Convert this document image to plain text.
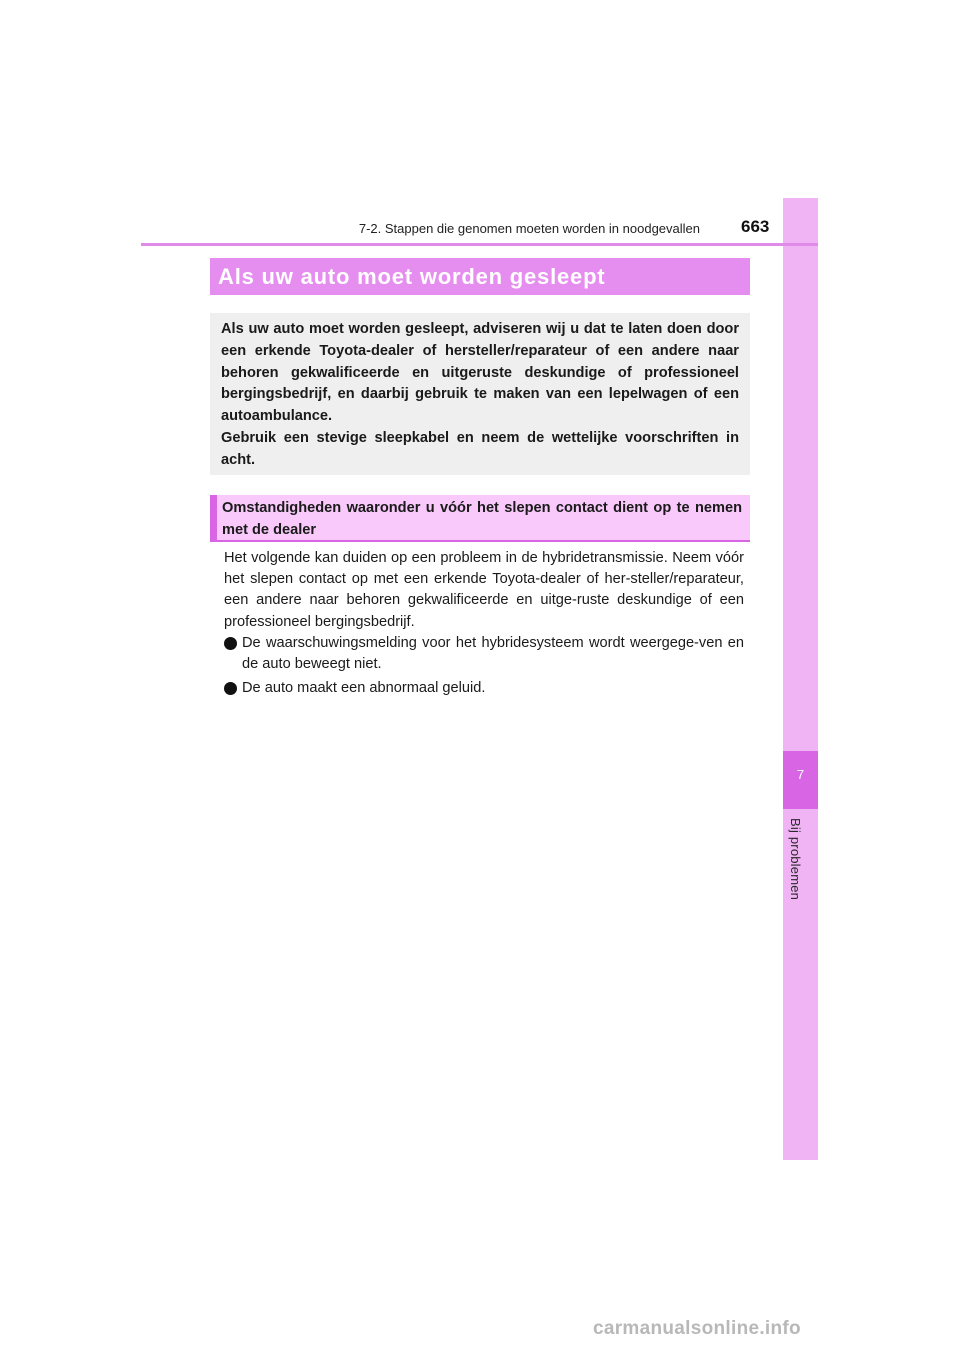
7
Bij problemen
7-2. Stappen die genomen moeten worden in noodgevallen 663
Als uw auto moet worden gesleept

Als uw auto moet worden gesleept, adviseren wij u dat te laten doen door een erkende Toyota-dealer of hersteller/reparateur of een andere naar behoren gekwalificeerde en uitgeruste deskundige of professioneel bergingsbedrijf, en daarbij gebruik te maken van een lepelwagen of een autoambulance.

Gebruik een stevige sleepkabel en neem de wettelijke voorschriften in acht.

Omstandigheden waaronder u vóór het slepen contact dient op te nemen met de dealer

Het volgende kan duiden op een probleem in de hybridetransmissie. Neem vóór het slepen contact op met een erkende Toyota-dealer of her-steller/reparateur, een andere naar behoren gekwalificeerde en uitge-ruste deskundige of een professioneel bergingsbedrijf.

De waarschuwingsmelding voor het hybridesysteem wordt weergege-ven en de auto beweegt niet.
De auto maakt een abnormaal geluid.
carmanualsonline.info
